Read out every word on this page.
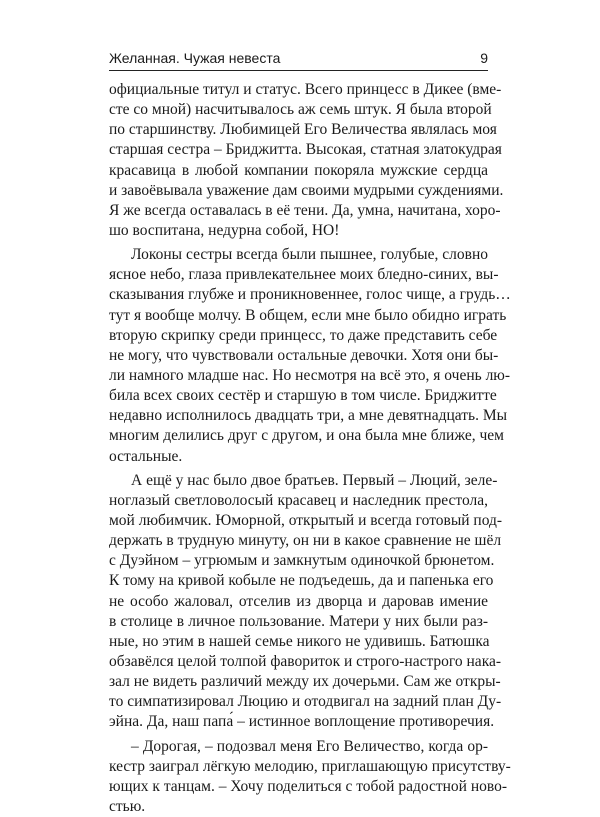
Желанная. Чужая невеста	9

официальные титул и статус. Всего принцесс в Дикее (вме-
сте со мной) насчитывалось аж семь штук. Я была второй
по старшинству. Любимицей Его Величества являлась моя
старшая сестра – Бриджитта. Высокая, статная златокудрая
красавица в любой компании покоряла мужские сердца
и завоёвывала уважение дам своими мудрыми суждениями.
Я же всегда оставалась в её тени. Да, умна, начитана, хоро-
шо воспитана, недурна собой, НО!

Локоны сестры всегда были пышнее, голубые, словно
ясное небо, глаза привлекательнее моих бледно-синих, вы-
сказывания глубже и проникновеннее, голос чище, а грудь…
тут я вообще молчу. В общем, если мне было обидно играть
вторую скрипку среди принцесс, то даже представить себе
не могу, что чувствовали остальные девочки. Хотя они бы-
ли намного младше нас. Но несмотря на всё это, я очень лю-
била всех своих сестёр и старшую в том числе. Бриджитте
недавно исполнилось двадцать три, а мне девятнадцать. Мы
многим делились друг с другом, и она была мне ближе, чем
остальные.

А ещё у нас было двое братьев. Первый – Люций, зеле-
ноглазый светловолосый красавец и наследник престола,
мой любимчик. Юморной, открытый и всегда готовый под-
держать в трудную минуту, он ни в какое сравнение не шёл
с Дуэйном – угрюмым и замкнутым одиночкой брюнетом.
К тому на кривой кобыле не подъедешь, да и папенька его
не особо жаловал, отселив из дворца и даровав имение
в столице в личное пользование. Матери у них были раз-
ные, но этим в нашей семье никого не удивишь. Батюшка
обзавёлся целой толпой фавориток и строго-настрого нака-
зал не видеть различий между их дочерьми. Сам же откры-
то симпатизировал Люцию и отодвигал на задний план Ду-
эйна. Да, наш папа́ – истинное воплощение противоречия.

– Дорогая, – подозвал меня Его Величество, когда ор-
кестр заиграл лёгкую мелодию, приглашающую присутству-
ющих к танцам. – Хочу поделиться с тобой радостной ново-
стью.
